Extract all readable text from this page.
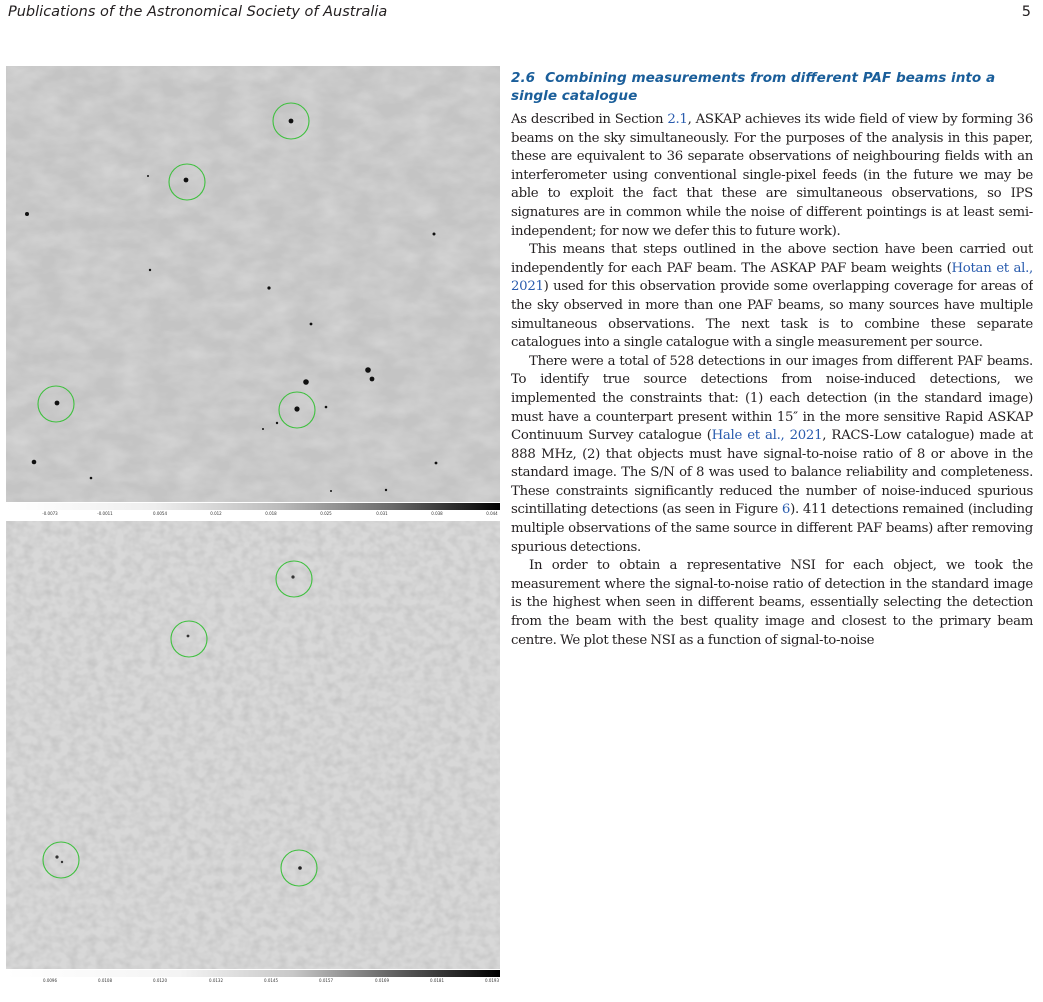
Publications of the Astronomical Society of Australia	5
-0.0073	-0.0011	0.0054	0.012	0.018	0.025	0.031	0.038	0.044
0.0096	0.0108	0.0120	0.0132	0.0145	0.0157	0.0169	0.0181	0.0193
2.6 Combining measurements from different PAF beams into a single catalogue

As described in Section 2.1, ASKAP achieves its wide field of view by forming 36 beams on the sky simultaneously. For the purposes of the analysis in this paper, these are equivalent to 36 separate observations of neighbouring fields with an interferometer using conventional single-pixel feeds (in the future we may be able to exploit the fact that these are simultaneous observations, so IPS signatures are in common while the noise of different pointings is at least semi-independent; for now we defer this to future work).

This means that steps outlined in the above section have been carried out independently for each PAF beam. The ASKAP PAF beam weights (Hotan et al., 2021) used for this observation provide some overlapping coverage for areas of the sky observed in more than one PAF beams, so many sources have multiple simultaneous observations. The next task is to combine these separate catalogues into a single catalogue with a single measurement per source.

There were a total of 528 detections in our images from different PAF beams. To identify true source detections from noise-induced detections, we implemented the constraints that: (1) each detection (in the standard image) must have a counterpart present within 15″ in the more sensitive Rapid ASKAP Continuum Survey catalogue (Hale et al., 2021, RACS-Low catalogue) made at 888 MHz, (2) that objects must have signal-to-noise ratio of 8 or above in the standard image. The S/N of 8 was used to balance reliability and completeness. These constraints significantly reduced the number of noise-induced spurious scintillating detections (as seen in Figure 6). 411 detections remained (including multiple observations of the same source in different PAF beams) after removing spurious detections.

In order to obtain a representative NSI for each object, we took the measurement where the signal-to-noise ratio of detection in the standard image is the highest when seen in different beams, essentially selecting the detection from the beam with the best quality image and closest to the primary beam centre. We plot these NSI as a function of signal-to-noise
